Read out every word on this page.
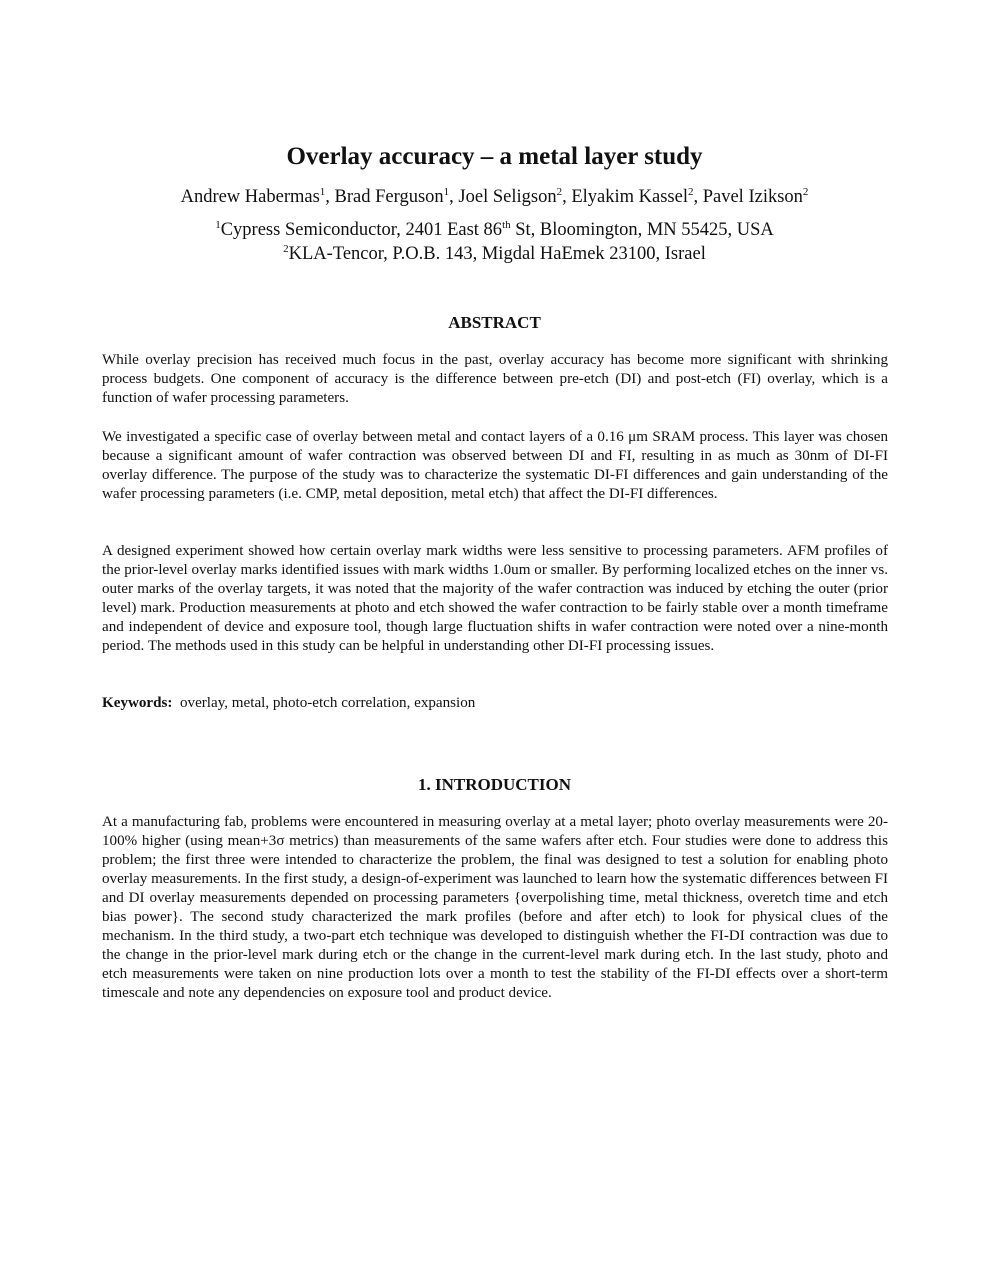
Overlay accuracy – a metal layer study
Andrew Habermas$^1$, Brad Ferguson$^1$, Joel Seligson$^2$, Elyakim Kassel$^2$, Pavel Izikson$^2$
$^1$Cypress Semiconductor, 2401 East 86th St, Bloomington, MN 55425, USA
$^2$KLA-Tencor, P.O.B. 143, Migdal HaEmek 23100, Israel
ABSTRACT

While overlay precision has received much focus in the past, overlay accuracy has become more significant with shrinking process budgets. One component of accuracy is the difference between pre-etch (DI) and post-etch (FI) overlay, which is a function of wafer processing parameters.

We investigated a specific case of overlay between metal and contact layers of a 0.16 μm SRAM process. This layer was chosen because a significant amount of wafer contraction was observed between DI and FI, resulting in as much as 30nm of DI-FI overlay difference. The purpose of the study was to characterize the systematic DI-FI differences and gain understanding of the wafer processing parameters (i.e. CMP, metal deposition, metal etch) that affect the DI-FI differences.

A designed experiment showed how certain overlay mark widths were less sensitive to processing parameters. AFM profiles of the prior-level overlay marks identified issues with mark widths 1.0um or smaller. By performing localized etches on the inner vs. outer marks of the overlay targets, it was noted that the majority of the wafer contraction was induced by etching the outer (prior level) mark. Production measurements at photo and etch showed the wafer contraction to be fairly stable over a month timeframe and independent of device and exposure tool, though large fluctuation shifts in wafer contraction were noted over a nine-month period. The methods used in this study can be helpful in understanding other DI-FI processing issues.

Keywords:  overlay, metal, photo-etch correlation, expansion

1. INTRODUCTION

At a manufacturing fab, problems were encountered in measuring overlay at a metal layer; photo overlay measurements were 20-100% higher (using mean+3σ metrics) than measurements of the same wafers after etch. Four studies were done to address this problem; the first three were intended to characterize the problem, the final was designed to test a solution for enabling photo overlay measurements. In the first study, a design-of-experiment was launched to learn how the systematic differences between FI and DI overlay measurements depended on processing parameters {overpolishing time, metal thickness, overetch time and etch bias power}. The second study characterized the mark profiles (before and after etch) to look for physical clues of the mechanism. In the third study, a two-part etch technique was developed to distinguish whether the FI-DI contraction was due to the change in the prior-level mark during etch or the change in the current-level mark during etch. In the last study, photo and etch measurements were taken on nine production lots over a month to test the stability of the FI-DI effects over a short-term timescale and note any dependencies on exposure tool and product device.
